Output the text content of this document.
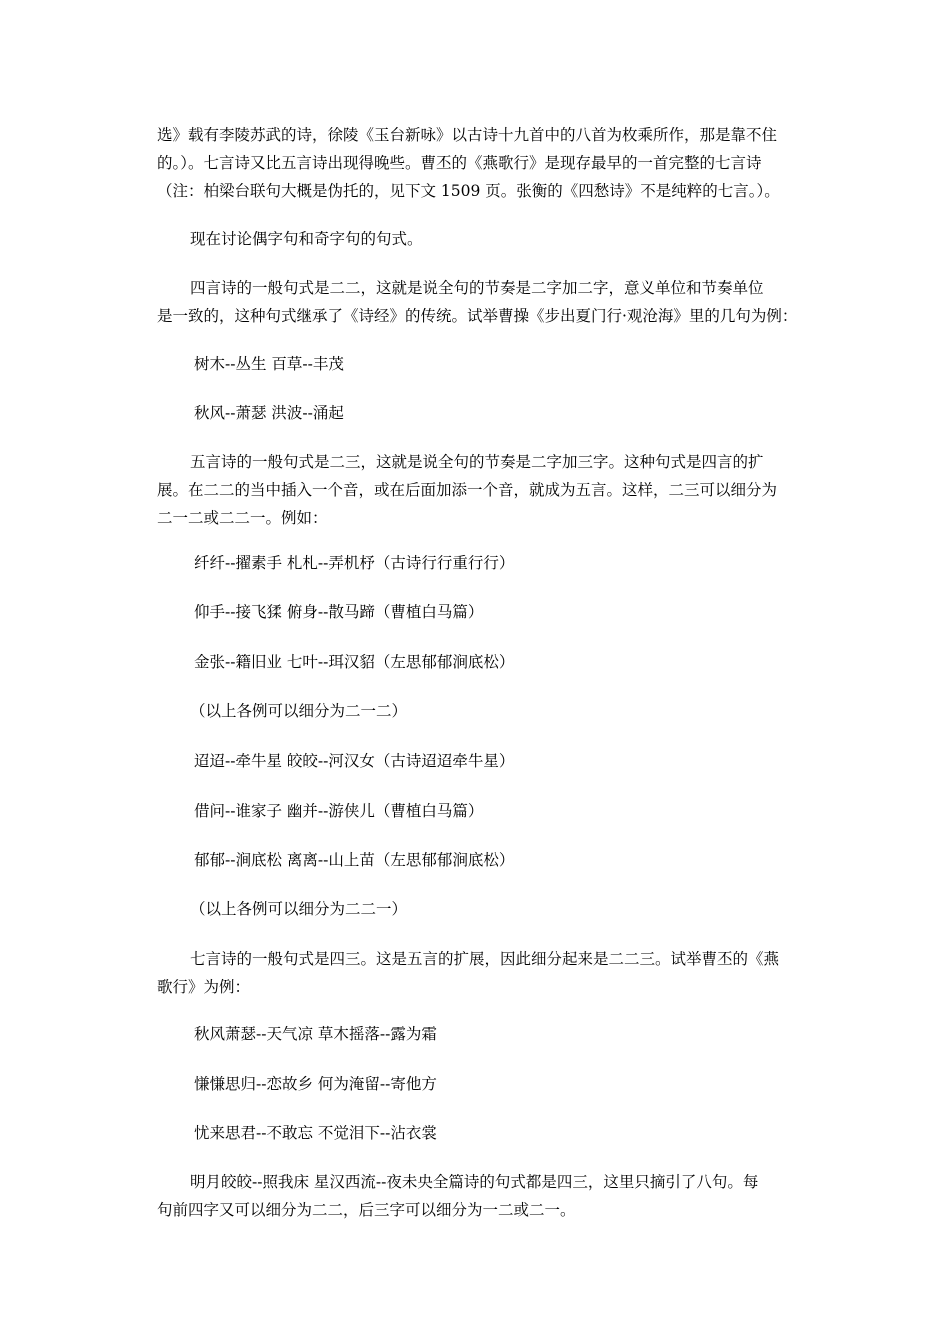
选》载有李陵苏武的诗，徐陵《玉台新咏》以古诗十九首中的八首为枚乘所作，那是靠不住
的。）。七言诗又比五言诗出现得晚些。曹丕的《燕歌行》是现存最早的一首完整的七言诗
（注：柏梁台联句大概是伪托的，见下文 1509 页。张衡的《四愁诗》不是纯粹的七言。）。
现在讨论偶字句和奇字句的句式。
四言诗的一般句式是二二，这就是说全句的节奏是二字加二字，意义单位和节奏单位
是一致的，这种句式继承了《诗经》的传统。试举曹操《步出夏门行·观沧海》里的几句为例：
树木--丛生 百草--丰茂
秋风--萧瑟 洪波--涌起
五言诗的一般句式是二三，这就是说全句的节奏是二字加三字。这种句式是四言的扩
展。在二二的当中插入一个音，或在后面加添一个音，就成为五言。这样，二三可以细分为
二一二或二二一。例如：
纤纤--擢素手 札札--弄机杼（古诗行行重行行）
仰手--接飞猱 俯身--散马蹄（曹植白马篇）
金张--籍旧业 七叶--珥汉貂（左思郁郁涧底松）
（以上各例可以细分为二一二）
迢迢--牵牛星 皎皎--河汉女（古诗迢迢牵牛星）
借问--谁家子 幽并--游侠儿（曹植白马篇）
郁郁--涧底松 离离--山上苗（左思郁郁涧底松）
（以上各例可以细分为二二一）
七言诗的一般句式是四三。这是五言的扩展，因此细分起来是二二三。试举曹丕的《燕
歌行》为例：
秋风萧瑟--天气凉 草木摇落--露为霜
慊慊思归--恋故乡 何为淹留--寄他方
忧来思君--不敢忘 不觉泪下--沾衣裳
明月皎皎--照我床 星汉西流--夜未央全篇诗的句式都是四三，这里只摘引了八句。每
句前四字又可以细分为二二，后三字可以细分为一二或二一。
